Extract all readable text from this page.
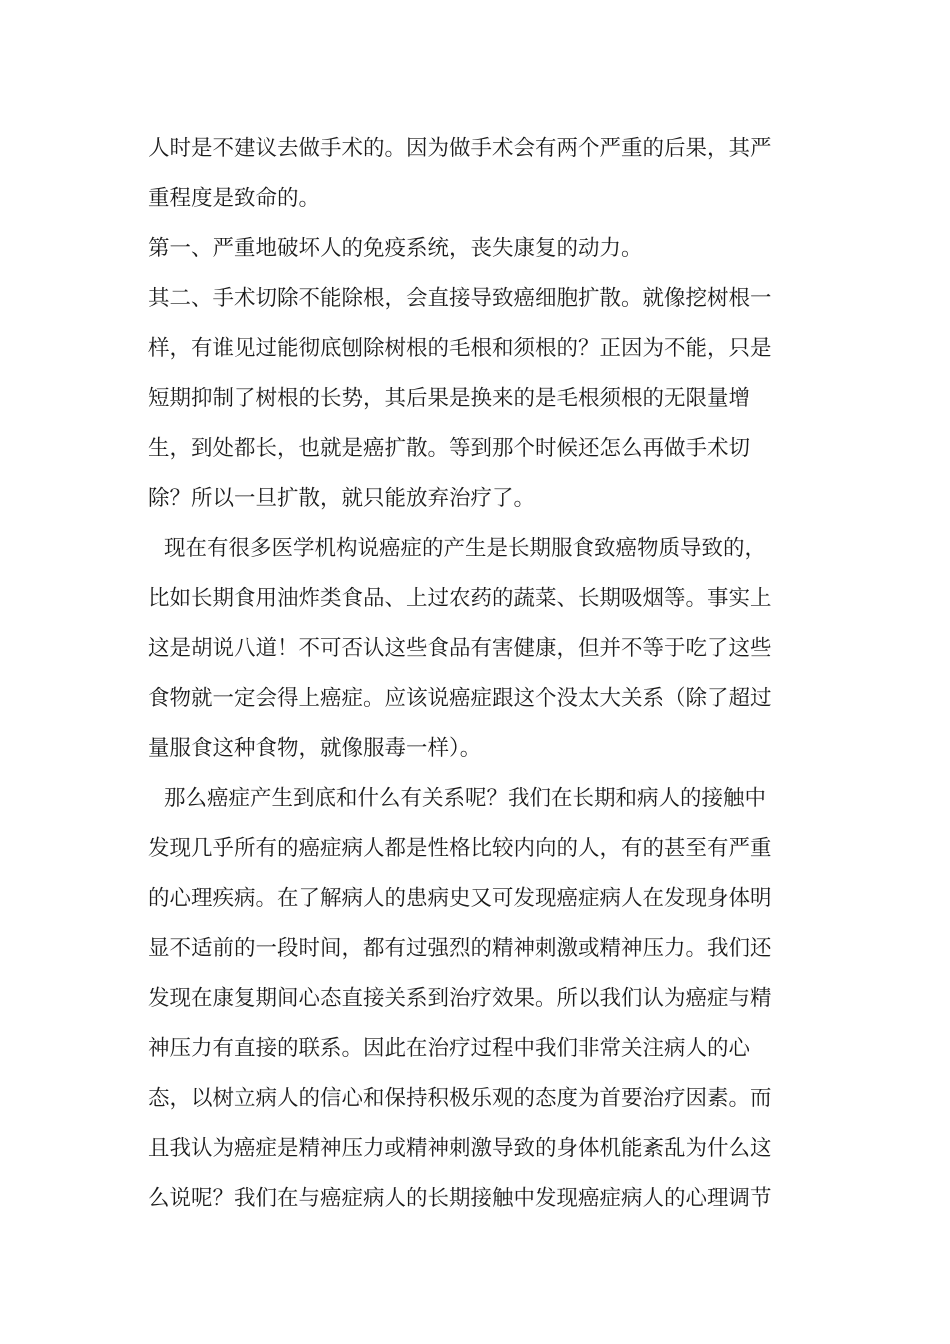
人时是不建议去做手术的。因为做手术会有两个严重的后果，其严
重程度是致命的。
第一、严重地破坏人的免疫系统，丧失康复的动力。
其二、手术切除不能除根，会直接导致癌细胞扩散。就像挖树根一
样，有谁见过能彻底刨除树根的毛根和须根的？正因为不能，只是
短期抑制了树根的长势，其后果是换来的是毛根须根的无限量增
生，到处都长，也就是癌扩散。等到那个时候还怎么再做手术切
除？所以一旦扩散，就只能放弃治疗了。
现在有很多医学机构说癌症的产生是长期服食致癌物质导致的，
比如长期食用油炸类食品、上过农药的蔬菜、长期吸烟等。事实上
这是胡说八道！不可否认这些食品有害健康，但并不等于吃了这些
食物就一定会得上癌症。应该说癌症跟这个没太大关系（除了超过
量服食这种食物，就像服毒一样）。
那么癌症产生到底和什么有关系呢？我们在长期和病人的接触中
发现几乎所有的癌症病人都是性格比较内向的人，有的甚至有严重
的心理疾病。在了解病人的患病史又可发现癌症病人在发现身体明
显不适前的一段时间，都有过强烈的精神刺激或精神压力。我们还
发现在康复期间心态直接关系到治疗效果。所以我们认为癌症与精
神压力有直接的联系。因此在治疗过程中我们非常关注病人的心
态，以树立病人的信心和保持积极乐观的态度为首要治疗因素。而
且我认为癌症是精神压力或精神刺激导致的身体机能紊乱为什么这
么说呢？我们在与癌症病人的长期接触中发现癌症病人的心理调节
